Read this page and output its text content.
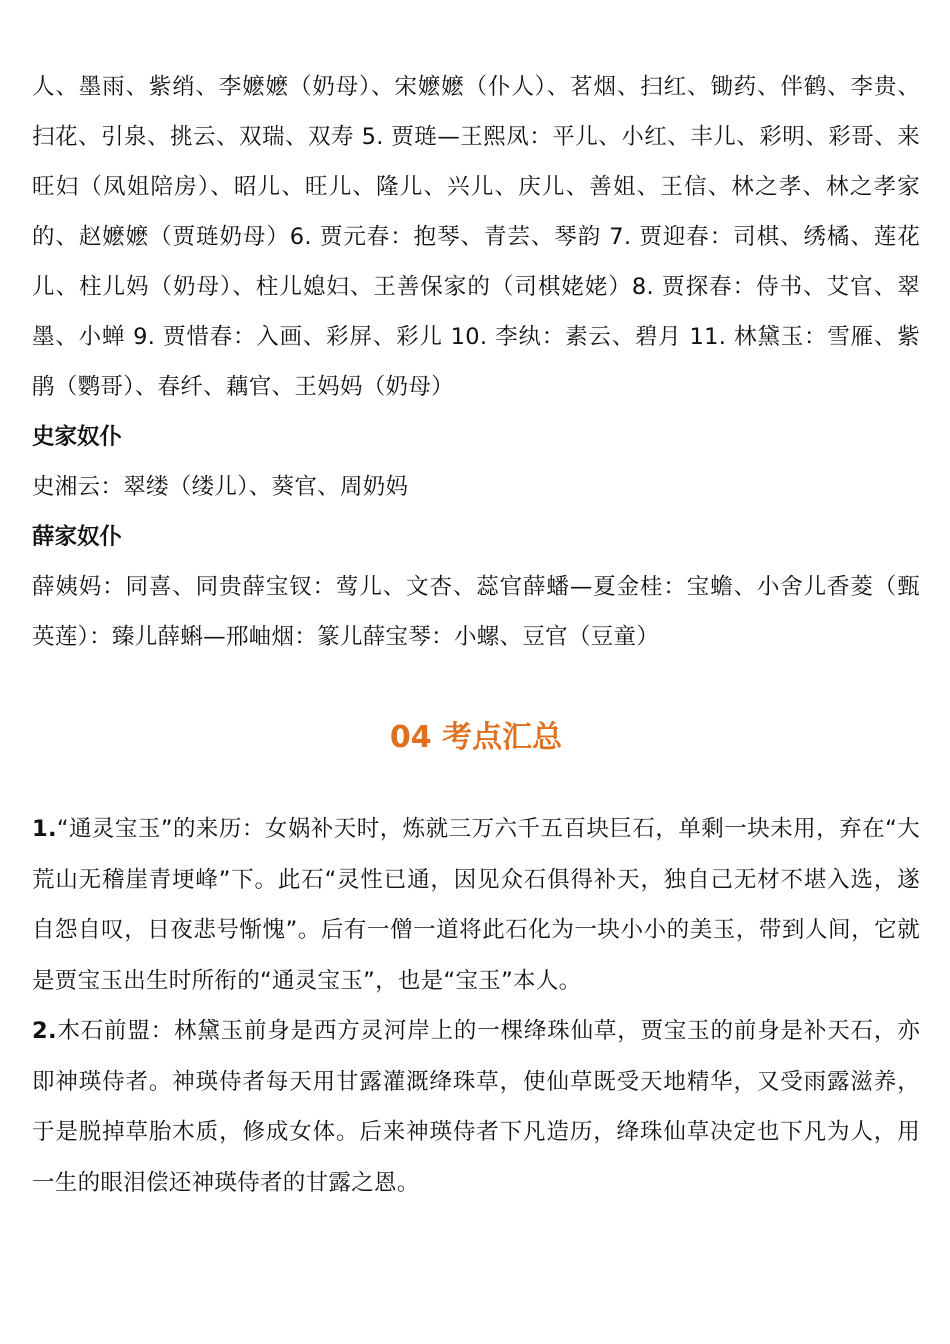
人、墨雨、紫绡、李嬷嬷（奶母）、宋嬷嬷（仆人）、茗烟、扫红、锄药、伴鹤、李贵、扫花、引泉、挑云、双瑞、双寿 5. 贾琏—王熙凤：平儿、小红、丰儿、彩明、彩哥、来旺妇（凤姐陪房）、昭儿、旺儿、隆儿、兴儿、庆儿、善姐、王信、林之孝、林之孝家的、赵嬷嬷（贾琏奶母）6. 贾元春：抱琴、青芸、琴韵 7. 贾迎春：司棋、绣橘、莲花儿、柱儿妈（奶母）、柱儿媳妇、王善保家的（司棋姥姥）8. 贾探春：侍书、艾官、翠墨、小蝉 9. 贾惜春：入画、彩屏、彩儿 10. 李纨：素云、碧月 11. 林黛玉：雪雁、紫鹃（鹦哥）、春纤、藕官、王妈妈（奶母）

史家奴仆

史湘云：翠缕（缕儿）、葵官、周奶妈

薛家奴仆

薛姨妈：同喜、同贵薛宝钗：莺儿、文杏、蕊官薛蟠—夏金桂：宝蟾、小舍儿香菱（甄英莲）：臻儿薛蝌—邢岫烟：篆儿薛宝琴：小螺、豆官（豆童）

04 考点汇总

1.“通灵宝玉”的来历：女娲补天时，炼就三万六千五百块巨石，单剩一块未用，弃在“大荒山无稽崖青埂峰”下。此石“灵性已通，因见众石俱得补天，独自己无材不堪入选，遂自怨自叹，日夜悲号惭愧”。后有一僧一道将此石化为一块小小的美玉，带到人间，它就是贾宝玉出生时所衔的“通灵宝玉”，也是“宝玉”本人。

2.木石前盟：林黛玉前身是西方灵河岸上的一棵绛珠仙草，贾宝玉的前身是补天石，亦即神瑛侍者。神瑛侍者每天用甘露灌溉绛珠草，使仙草既受天地精华，又受雨露滋养，于是脱掉草胎木质，修成女体。后来神瑛侍者下凡造历，绛珠仙草决定也下凡为人，用一生的眼泪偿还神瑛侍者的甘露之恩。
